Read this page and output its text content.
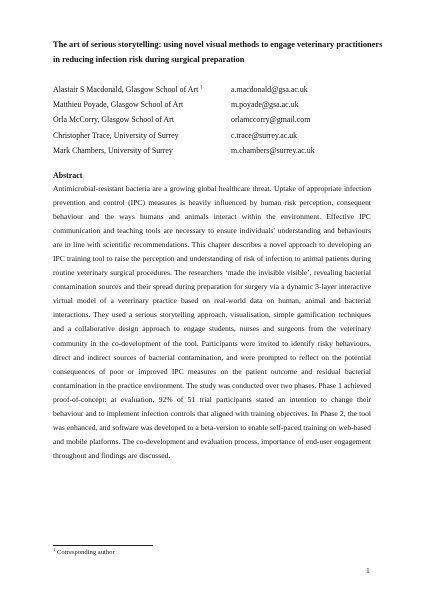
The art of serious storytelling: using novel visual methods to engage veterinary practitioners in reducing infection risk during surgical preparation
Alastair S Macdonald, Glasgow School of Art $^1$	a.macdonald@gsa.ac.uk
Matthieu Poyade, Glasgow School of Art	m.poyade@gsa.ac.uk
Orla McCorry, Glasgow School of Art	orlamccorry@gmail.com
Christopher Trace, University of Surrey	c.trace@surrey.ac.uk
Mark Chambers, University of Surrey	m.chambers@surrey.ac.uk
Abstract

Antimicrobial-resistant bacteria are a growing global healthcare threat. Uptake of appropriate infection prevention and control (IPC) measures is heavily influenced by human risk perception, consequent behaviour and the ways humans and animals interact within the environment. Effective IPC communication and teaching tools are necessary to ensure individuals' understanding and behaviours are in line with scientific recommendations. This chapter describes a novel approach to developing an IPC training tool to raise the perception and understanding of risk of infection to animal patients during routine veterinary surgical procedures. The researchers ‘made the invisible visible’, revealing bacterial contamination sources and their spread during preparation for surgery via a dynamic 3-layer interactive virtual model of a veterinary practice based on real-world data on human, animal and bacterial interactions. They used a serious storytelling approach, visualisation, simple gamification techniques and a collaborative design approach to engage students, nurses and surgeons from the veterinary community in the co-development of the tool. Participants were invited to identify risky behaviours, direct and indirect sources of bacterial contamination, and were prompted to reflect on the potential consequences of poor or improved IPC measures on the patient outcome and residual bacterial contamination in the practice environment. The study was conducted over two phases. Phase 1 achieved proof-of-concept: at evaluation, 92% of 51 trial participants stated an intention to change their behaviour and to implement infection controls that aligned with training objectives. In Phase 2, the tool was enhanced, and software was developed to a beta-version to enable self-paced training on web-based and mobile platforms. The co-development and evaluation process, importance of end-user engagement throughout and findings are discussed.

$^1$ Corresponding author
1
